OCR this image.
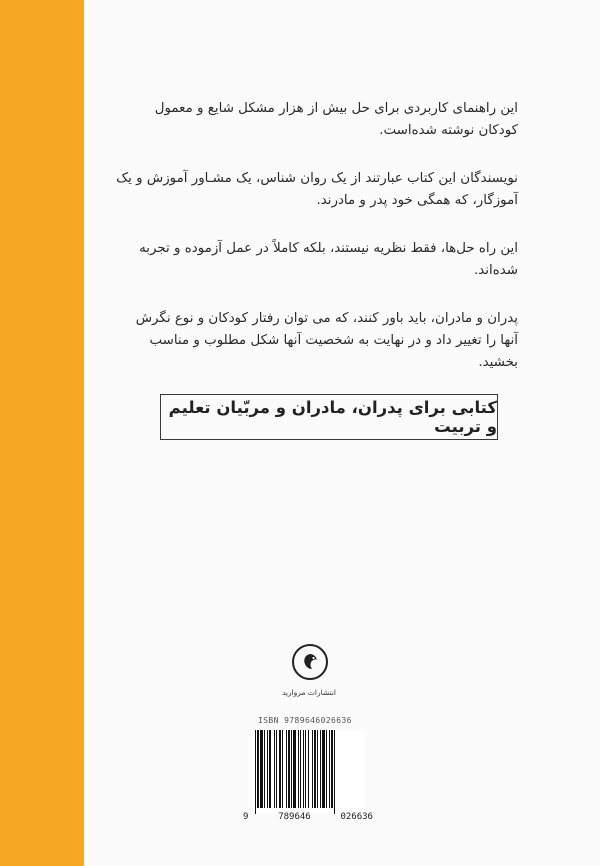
این راهنمای کاربردی برای حل بیش از هزار مشکل شایع و معمول کودکان نوشته شده‌است.

نویسندگان این کتاب عبارتند از یک روان شناس، یک مشـاور آموزش و یک آموزگار، که همگی خود پدر و مادرند.

این راه حل‌ها، فقط نظریه نیستند، بلکه کاملاً در عمل آزموده و تجربه شده‌اند.

پدران و مادران، باید باور کنند، که می توان رفتار کودکان و نوع نگرش آنها را تغییر داد و در نهایت به شخصیت آنها شکل مطلوب و مناسب بخشید.

کتابی برای پدران، مادران و مربّیان تعلیم و تربیت
انتشارات مروارید
ISBN 9789646026636
9	789646	026636
